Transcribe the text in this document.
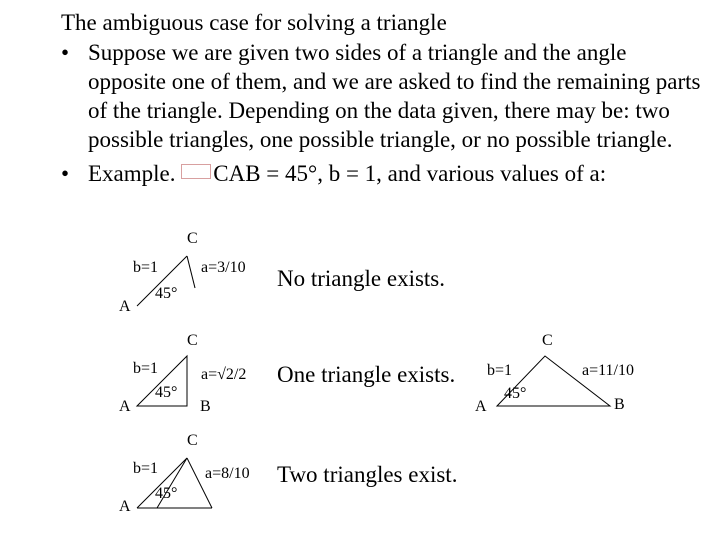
The ambiguous case for solving a triangle
• Suppose we are given two sides of a triangle and the angle opposite one of them, and we are asked to find the remaining parts of the triangle. Depending on the data given, there may be: two possible triangles, one possible triangle, or no possible triangle.
• Example. CAB = 45°, b = 1, and various values of a:
C
b=1	a=3/10
45°
A
No triangle exists.
C
b=1	a=√2/2
45°
A	B
One triangle exists.
C
b=1	a=11/10
45°
A	B
C
b=1	a=8/10
45°
A
Two triangles exist.
